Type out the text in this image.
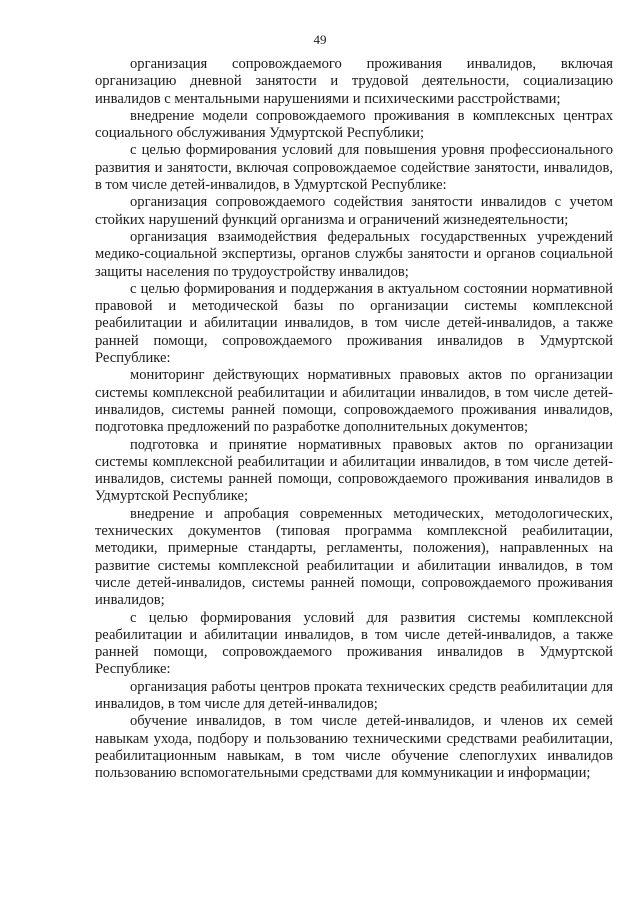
49

организация сопровождаемого проживания инвалидов, включая организацию дневной занятости и трудовой деятельности, социализацию инвалидов с ментальными нарушениями и психическими расстройствами;

внедрение модели сопровождаемого проживания в комплексных центрах социального обслуживания Удмуртской Республики;

с целью формирования условий для повышения уровня профессионального развития и занятости, включая сопровождаемое содействие занятости, инвалидов, в том числе детей-инвалидов, в Удмуртской Республике:

организация сопровождаемого содействия занятости инвалидов с учетом стойких нарушений функций организма и ограничений жизнедеятельности;

организация взаимодействия федеральных государственных учреждений медико-социальной экспертизы, органов службы занятости и органов социальной защиты населения по трудоустройству инвалидов;

с целью формирования и поддержания в актуальном состоянии нормативной правовой и методической базы по организации системы комплексной реабилитации и абилитации инвалидов, в том числе детей-инвалидов, а также ранней помощи, сопровождаемого проживания инвалидов в Удмуртской Республике:

мониторинг действующих нормативных правовых актов по организации системы комплексной реабилитации и абилитации инвалидов, в том числе детей-инвалидов, системы ранней помощи, сопровождаемого проживания инвалидов, подготовка предложений по разработке дополнительных документов;

подготовка и принятие нормативных правовых актов по организации системы комплексной реабилитации и абилитации инвалидов, в том числе детей-инвалидов, системы ранней помощи, сопровождаемого проживания инвалидов в Удмуртской Республике;

внедрение и апробация современных методических, методологических, технических документов (типовая программа комплексной реабилитации, методики, примерные стандарты, регламенты, положения), направленных на развитие системы комплексной реабилитации и абилитации инвалидов, в том числе детей-инвалидов, системы ранней помощи, сопровождаемого проживания инвалидов;

с целью формирования условий для развития системы комплексной реабилитации и абилитации инвалидов, в том числе детей-инвалидов, а также ранней помощи, сопровождаемого проживания инвалидов в Удмуртской Республике:

организация работы центров проката технических средств реабилитации для инвалидов, в том числе для детей-инвалидов;

обучение инвалидов, в том числе детей-инвалидов, и членов их семей навыкам ухода, подбору и пользованию техническими средствами реабилитации, реабилитационным навыкам, в том числе обучение слепоглухих инвалидов пользованию вспомогательными средствами для коммуникации и информации;
